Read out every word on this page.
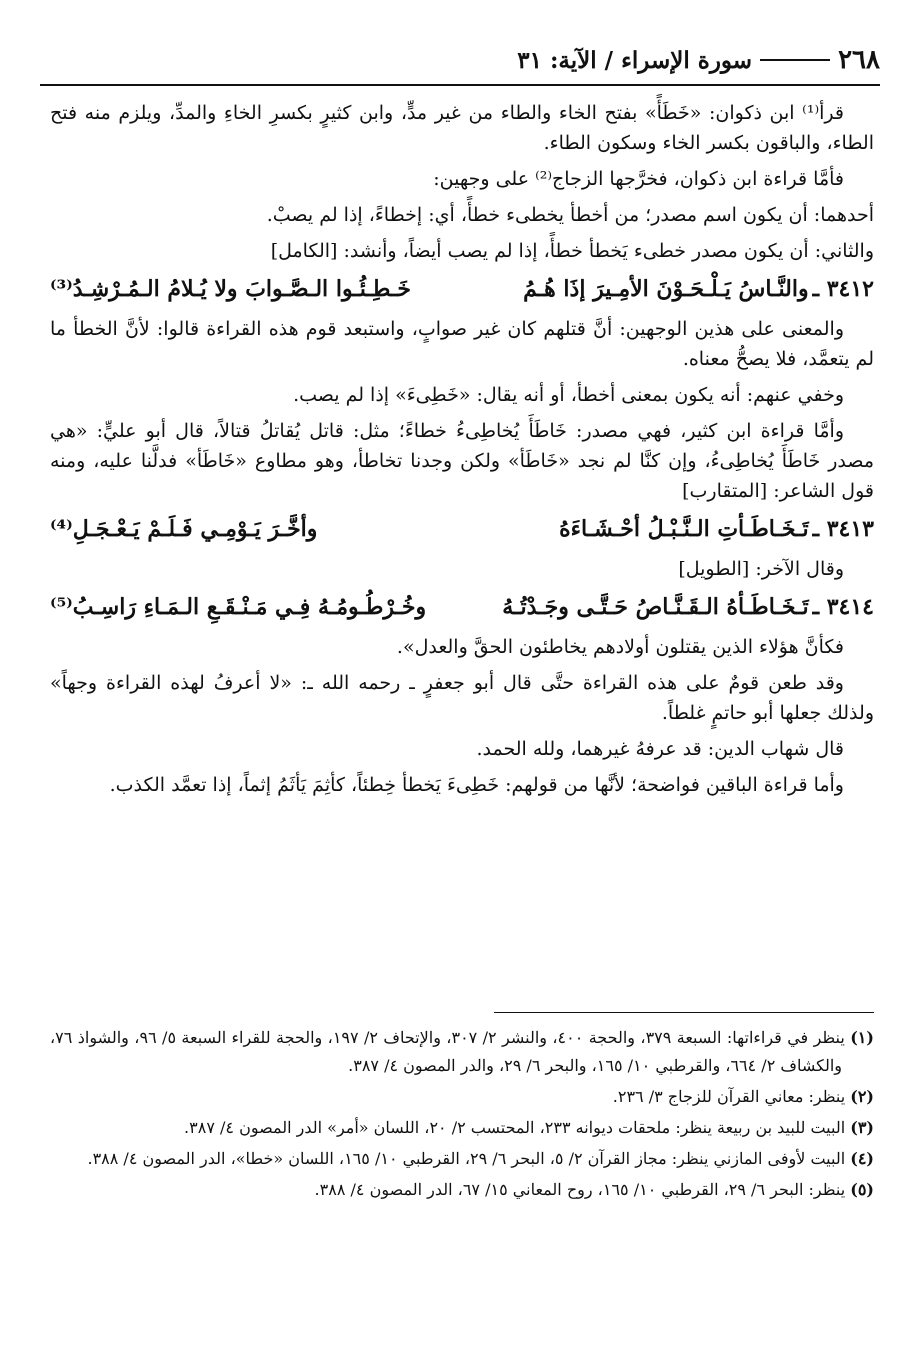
٢٦٨
سورة الإسراء / الآية: ٣١

قرأ⁽¹⁾ ابن ذكوان: «خَطَأً» بفتح الخاء والطاء من غير مدٍّ، وابن كثيرٍ بكسرِ الخاءِ والمدِّ، ويلزم منه فتح الطاء، والباقون بكسر الخاء وسكون الطاء.

فأمَّا قراءة ابن ذكوان، فخرَّجها الزجاج⁽²⁾ على وجهين:

أحدهما: أن يكون اسم مصدر؛ من أخطأ يخطىء خطأً، أي: إخطاءً، إذا لم يصبْ.

والثاني: أن يكون مصدر خطىء يَخطأ خطأً، إذا لم يصب أيضاً، وأنشد: [الكامل]

٣٤١٢ ـ
والنَّـاسُ يَـلْـحَـوْنَ الأمِـيرَ إذَا هُـمُ
خَـطِـئُـوا الـصَّـوابَ ولا يُـلامُ الـمُـرْشِـدُ⁽³⁾

والمعنى على هذين الوجهين: أنَّ قتلهم كان غير صوابٍ، واستبعد قوم هذه القراءة قالوا: لأنَّ الخطأ ما لم يتعمَّد، فلا يصحُّ معناه.

وخفي عنهم: أنه يكون بمعنى أخطأ، أو أنه يقال: «خَطِىءَ» إذا لم يصب.

وأمَّا قراءة ابن كثير، فهي مصدر: خَاطَأَ يُخاطِىءُ خطاءً؛ مثل: قاتل يُقاتلُ قتالاً، قال أبو عليٍّ: «هي مصدر خَاطَأَ يُخاطِىءُ، وإن كنَّا لم نجد «خَاطَأ» ولكن وجدنا تخاطأ، وهو مطاوع «خَاطَأ» فدلَّنا عليه، ومنه قول الشاعر: [المتقارب]

٣٤١٣ ـ
تَـخَـاطَـأتِ الـنَّـبْـلُ أحْـشَـاءَهُ
وأخَّـرَ يَـوْمِـي فَـلَـمْ يَـعْـجَـلِ⁽⁴⁾

وقال الآخر: [الطويل]

٣٤١٤ ـ
تَـخَـاطَـأهُ الـقَـنَّـاصُ حَـتَّـى وجَـدْتُـهُ
وخُـرْطُـومُـهُ فِـي مَـنْـقَـعِ الـمَـاءِ رَاسِـبُ⁽⁵⁾

فكأنَّ هؤلاء الذين يقتلون أولادهم يخاطئون الحقَّ والعدل».

وقد طعن قومٌ على هذه القراءة حتَّى قال أبو جعفرٍ ـ رحمه الله ـ: «لا أعرفُ لهذه القراءة وجهاً» ولذلك جعلها أبو حاتمٍ غلطاً.

قال شهاب الدين: قد عرفهُ غيرهما، ولله الحمد.

وأما قراءة الباقين فواضحة؛ لأنَّها من قولهم: خَطِىءَ يَخطأ خِطئاً، كأثِمَ يَأثَمُ إثماً، إذا تعمَّد الكذب.

(١) ينظر في قراءاتها: السبعة ٣٧٩، والحجة ٤٠٠، والنشر ٢/ ٣٠٧، والإتحاف ٢/ ١٩٧، والحجة للقراء السبعة ٥/ ٩٦، والشواذ ٧٦، والكشاف ٢/ ٦٦٤، والقرطبي ١٠/ ١٦٥، والبحر ٦/ ٢٩، والدر المصون ٤/ ٣٨٧.
(٢) ينظر: معاني القرآن للزجاج ٣/ ٢٣٦.
(٣) البيت للبيد بن ربيعة ينظر: ملحقات ديوانه ٢٣٣، المحتسب ٢/ ٢٠، اللسان «أمر» الدر المصون ٤/ ٣٨٧.
(٤) البيت لأوفى المازني ينظر: مجاز القرآن ٢/ ٥، البحر ٦/ ٢٩، القرطبي ١٠/ ١٦٥، اللسان «خطا»، الدر المصون ٤/ ٣٨٨.
(٥) ينظر: البحر ٦/ ٢٩، القرطبي ١٠/ ١٦٥، روح المعاني ١٥/ ٦٧، الدر المصون ٤/ ٣٨٨.
